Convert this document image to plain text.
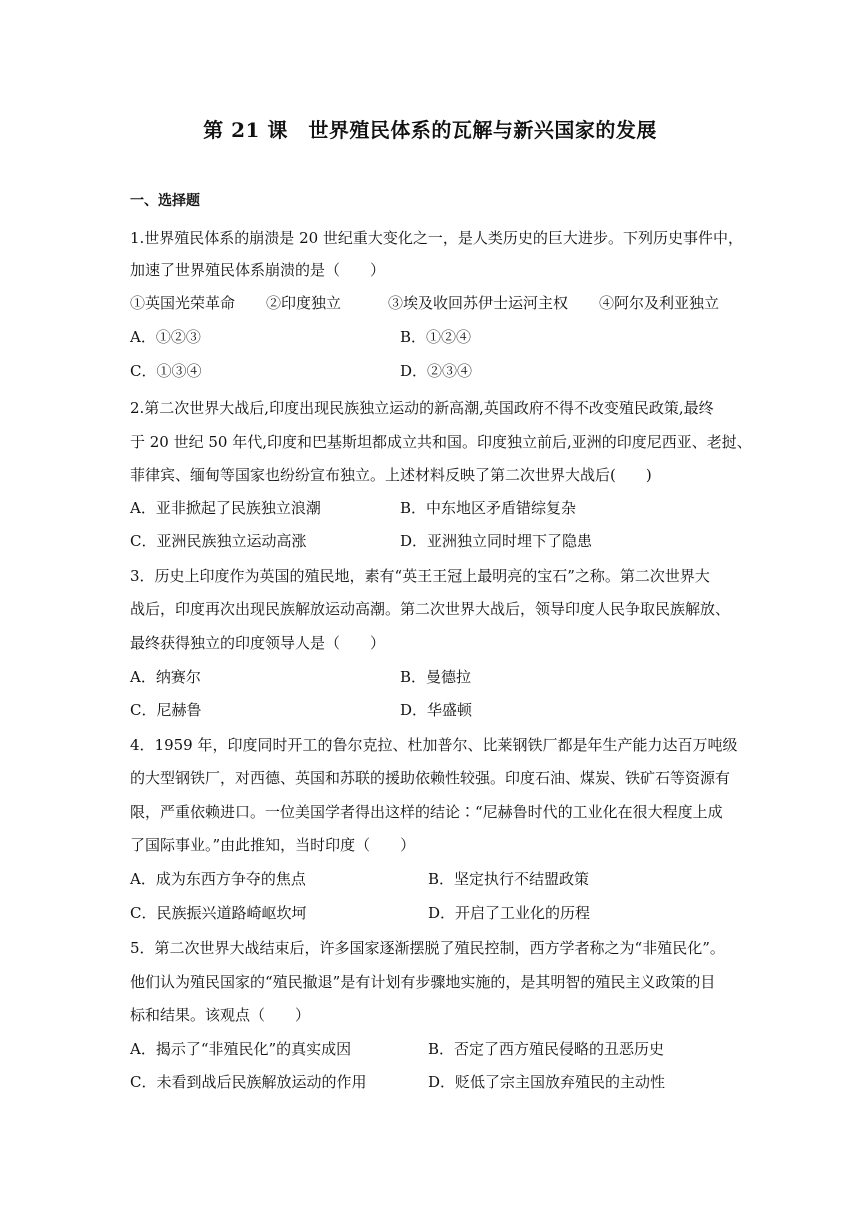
第 21 课　世界殖民体系的瓦解与新兴国家的发展
一、选择题
1.世界殖民体系的崩溃是 20 世纪重大变化之一，是人类历史的巨大进步。下列历史事件中，
加速了世界殖民体系崩溃的是（　　）
①英国光荣革命 ②印度独立	③埃及收回苏伊士运河主权 ④阿尔及利亚独立
A．①②③	B．①②④
C．①③④	D．②③④
2.第二次世界大战后,印度出现民族独立运动的新高潮,英国政府不得不改变殖民政策,最终
于 20 世纪 50 年代,印度和巴基斯坦都成立共和国。印度独立前后,亚洲的印度尼西亚、老挝、
菲律宾、缅甸等国家也纷纷宣布独立。上述材料反映了第二次世界大战后(　　)
A．亚非掀起了民族独立浪潮	B．中东地区矛盾错综复杂
C．亚洲民族独立运动高涨	D．亚洲独立同时埋下了隐患
3．历史上印度作为英国的殖民地，素有“英王王冠上最明亮的宝石”之称。第二次世界大
战后，印度再次出现民族解放运动高潮。第二次世界大战后，领导印度人民争取民族解放、
最终获得独立的印度领导人是（　　）
A．纳赛尔	B．曼德拉
C．尼赫鲁	D．华盛顿
4．1959 年，印度同时开工的鲁尔克拉、杜加普尔、比莱钢铁厂都是年生产能力达百万吨级
的大型钢铁厂，对西德、英国和苏联的援助依赖性较强。印度石油、煤炭、铁矿石等资源有
限，严重依赖进口。一位美国学者得出这样的结论∶“尼赫鲁时代的工业化在很大程度上成
了国际事业。”由此推知，当时印度（　　）
A．成为东西方争夺的焦点	B．坚定执行不结盟政策
C．民族振兴道路崎岖坎坷	D．开启了工业化的历程
5．第二次世界大战结束后，许多国家逐渐摆脱了殖民控制，西方学者称之为“非殖民化”。
他们认为殖民国家的“殖民撤退”是有计划有步骤地实施的，是其明智的殖民主义政策的目
标和结果。该观点（　　）
A．揭示了“非殖民化”的真实成因	B．否定了西方殖民侵略的丑恶历史
C．未看到战后民族解放运动的作用	D．贬低了宗主国放弃殖民的主动性
